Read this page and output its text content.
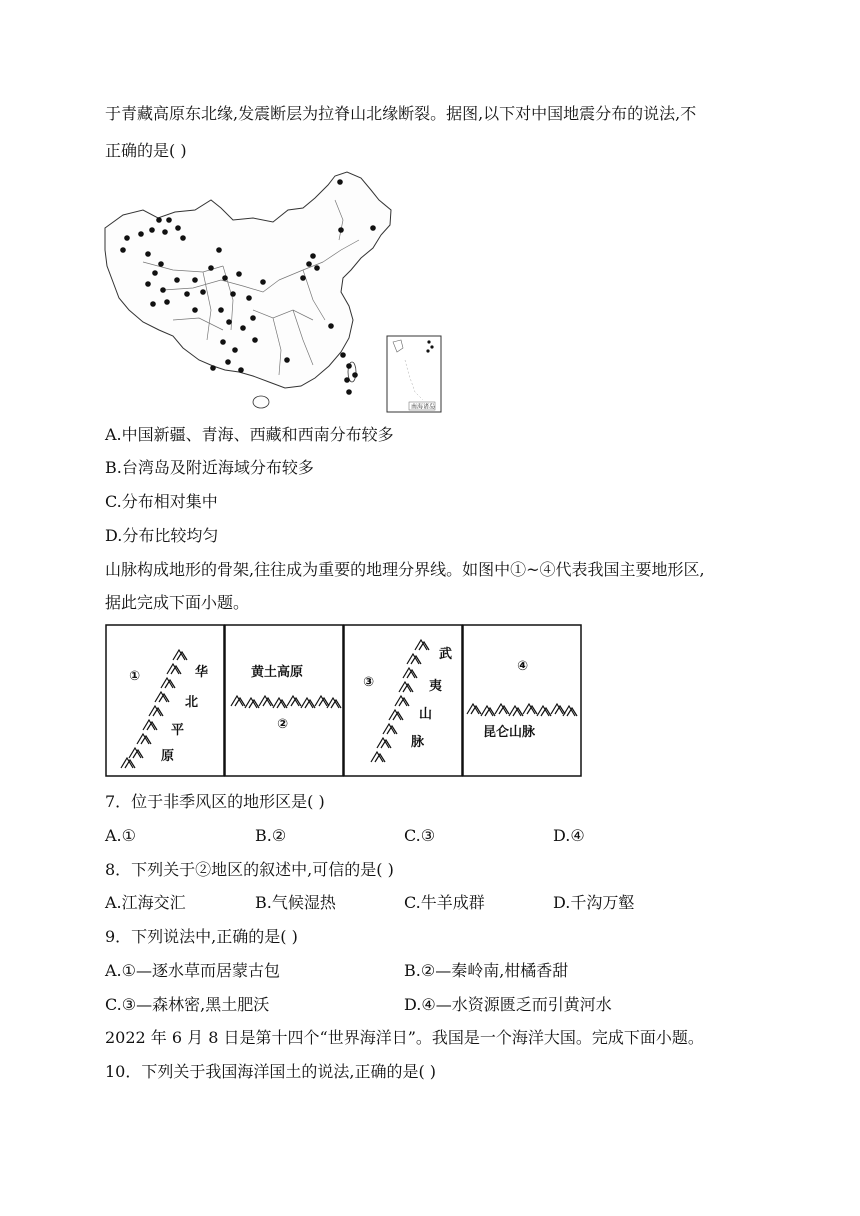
于青藏高原东北缘,发震断层为拉脊山北缘断裂。据图,以下对中国地震分布的说法,不
正确的是( )
南海诸岛
A.中国新疆、青海、西藏和西南分布较多
B.台湾岛及附近海域分布较多
C.分布相对集中
D.分布比较均匀
山脉构成地形的骨架,往往成为重要的地理分界线。如图中①~④代表我国主要地形区,
据此完成下面小题。
①	华
北
平
原
黄土高原
②
③
武
夷
山
脉
④
昆仑山脉
7．位于非季风区的地形区是( )
A.①	B.②	C.③	D.④
8．下列关于②地区的叙述中,可信的是( )
A.江海交汇	B.气候湿热	C.牛羊成群	D.千沟万壑
9．下列说法中,正确的是( )
A.①—逐水草而居蒙古包	B.②—秦岭南,柑橘香甜
C.③—森林密,黑土肥沃	D.④—水资源匮乏而引黄河水
2022 年 6 月 8 日是第十四个“世界海洋日”。我国是一个海洋大国。完成下面小题。
10．下列关于我国海洋国土的说法,正确的是( )
